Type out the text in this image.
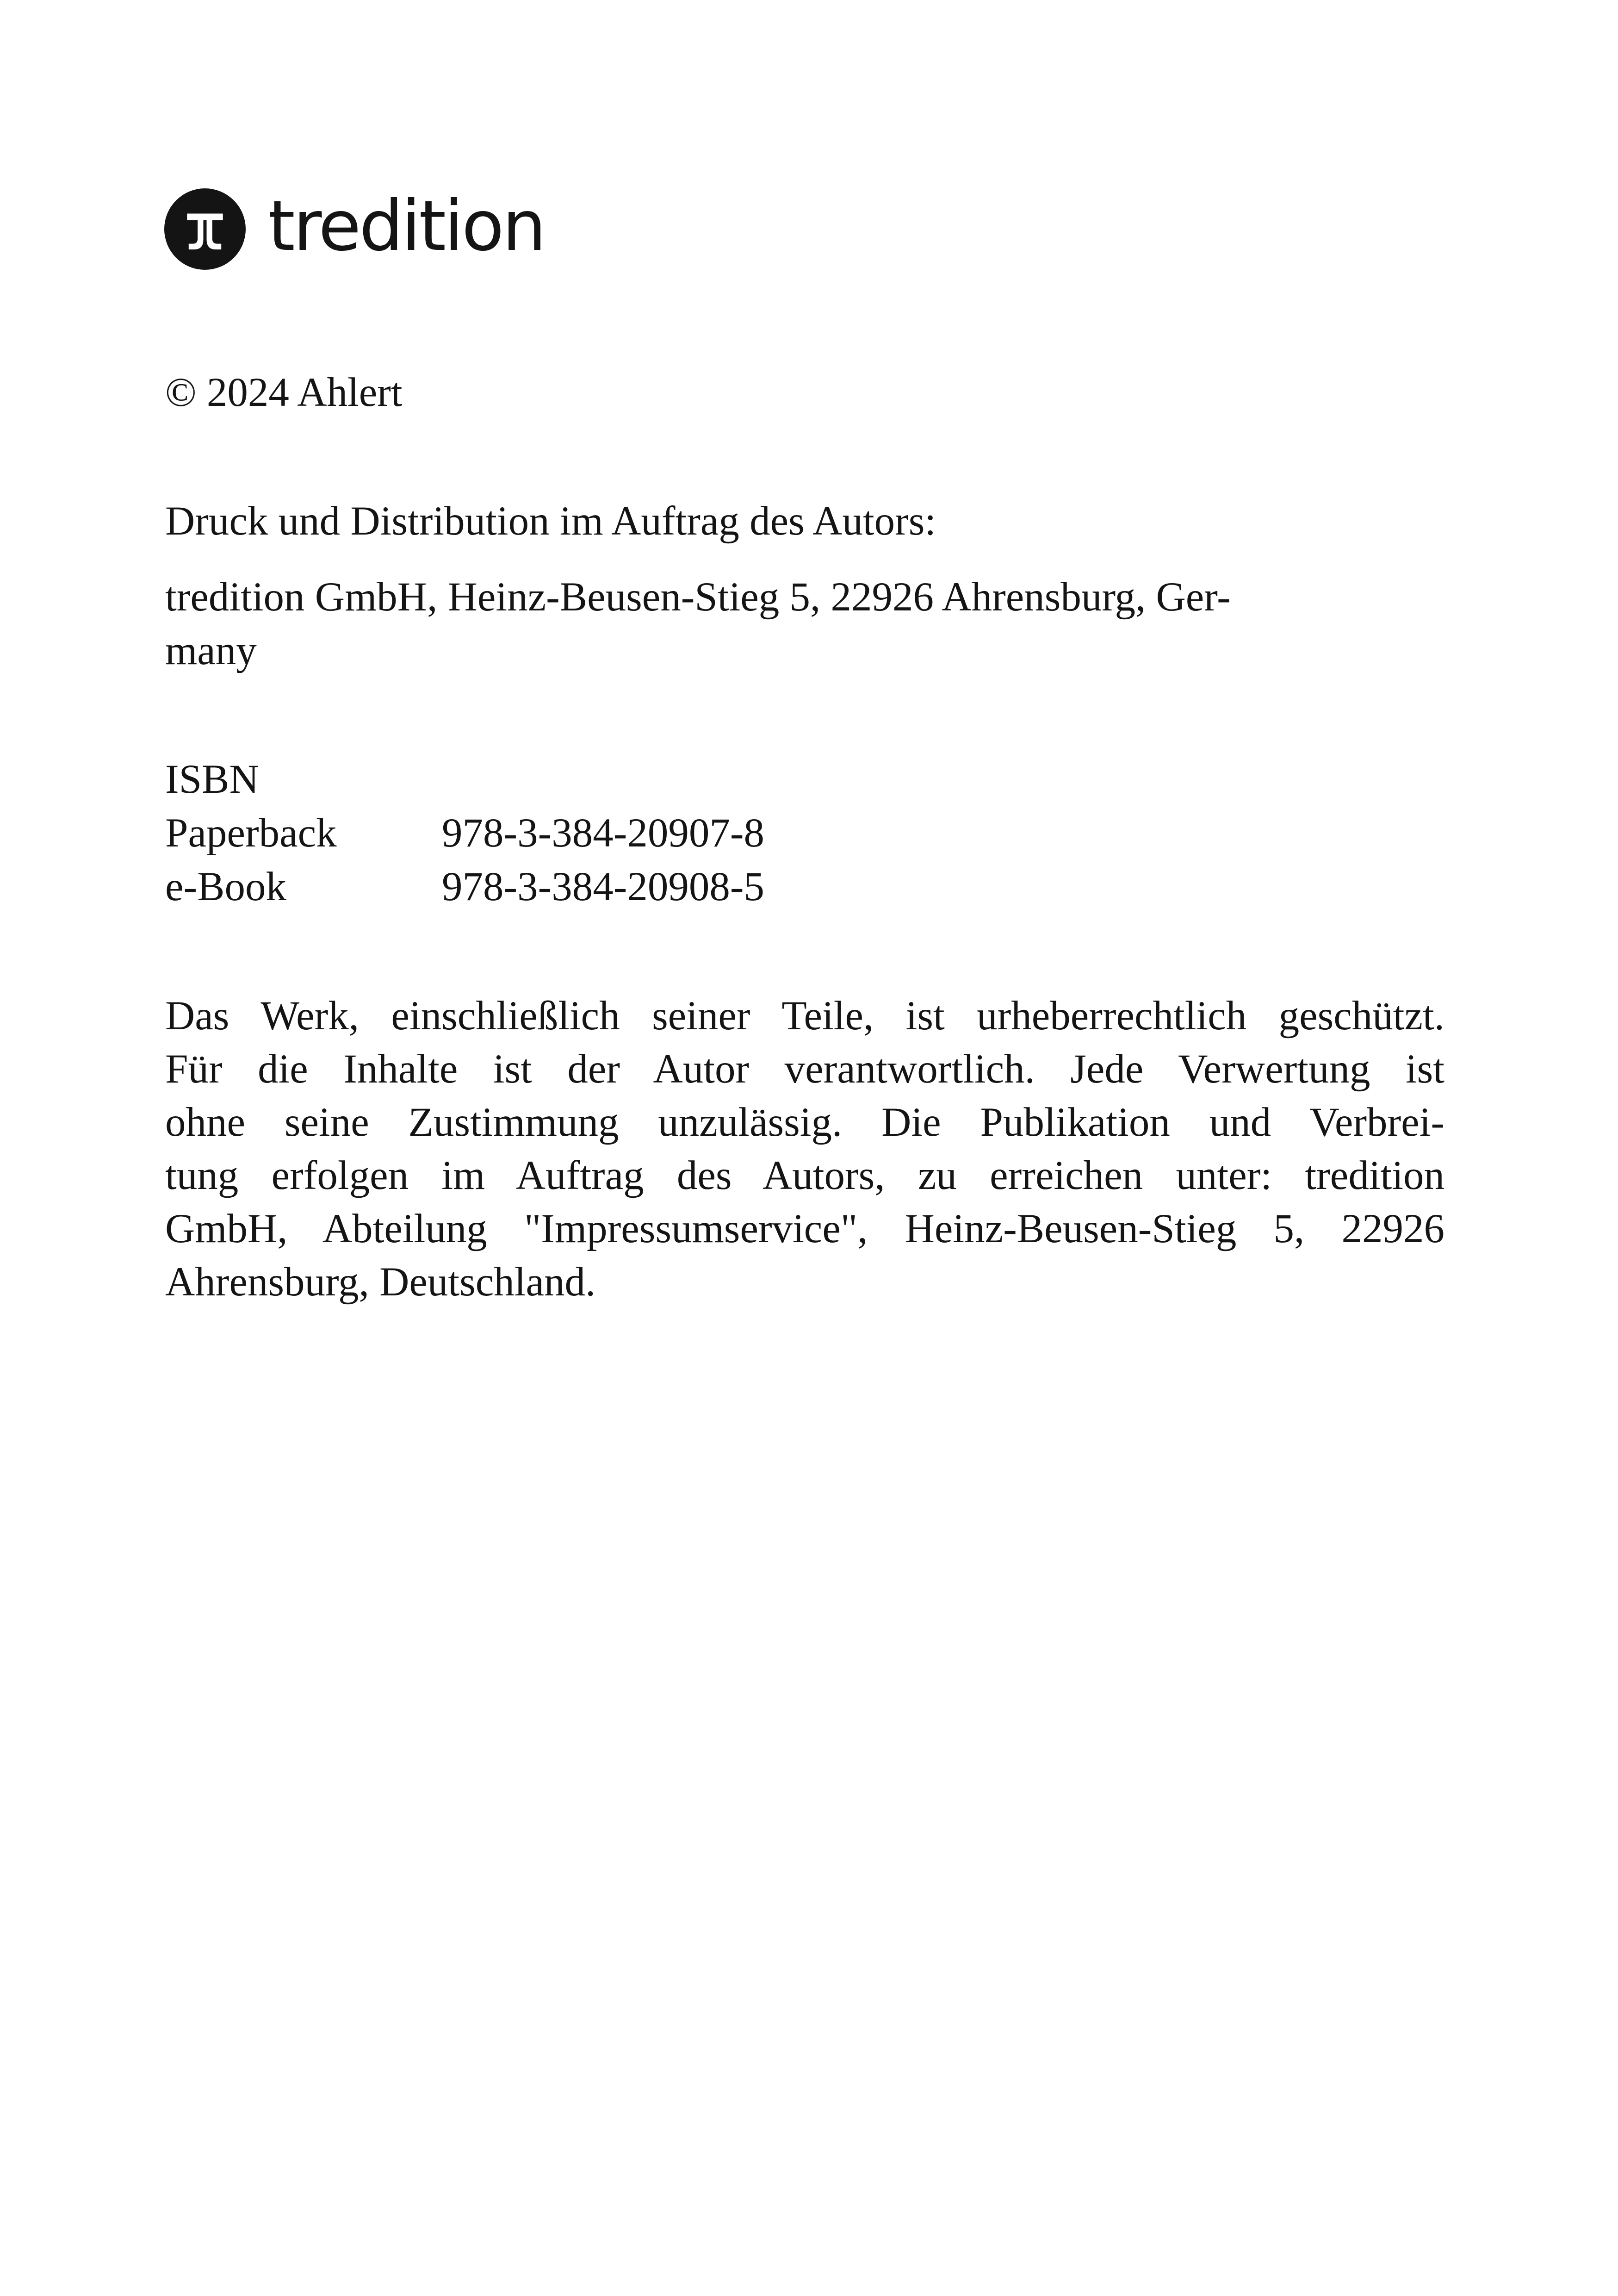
tredition
© 2024 Ahlert
Druck und Distribution im Auftrag des Autors:
tredition GmbH, Heinz-Beusen-Stieg 5, 22926 Ahrensburg, Ger-
many
ISBN
Paperback	978-3-384-20907-8
e-Book	978-3-384-20908-5
Das Werk, einschließlich seiner Teile, ist urheberrechtlich geschützt.
Für die Inhalte ist der Autor verantwortlich. Jede Verwertung ist
ohne seine Zustimmung unzulässig. Die Publikation und Verbrei-
tung erfolgen im Auftrag des Autors, zu erreichen unter: tredition
GmbH, Abteilung "Impressumservice", Heinz-Beusen-Stieg 5, 22926
Ahrensburg, Deutschland.
